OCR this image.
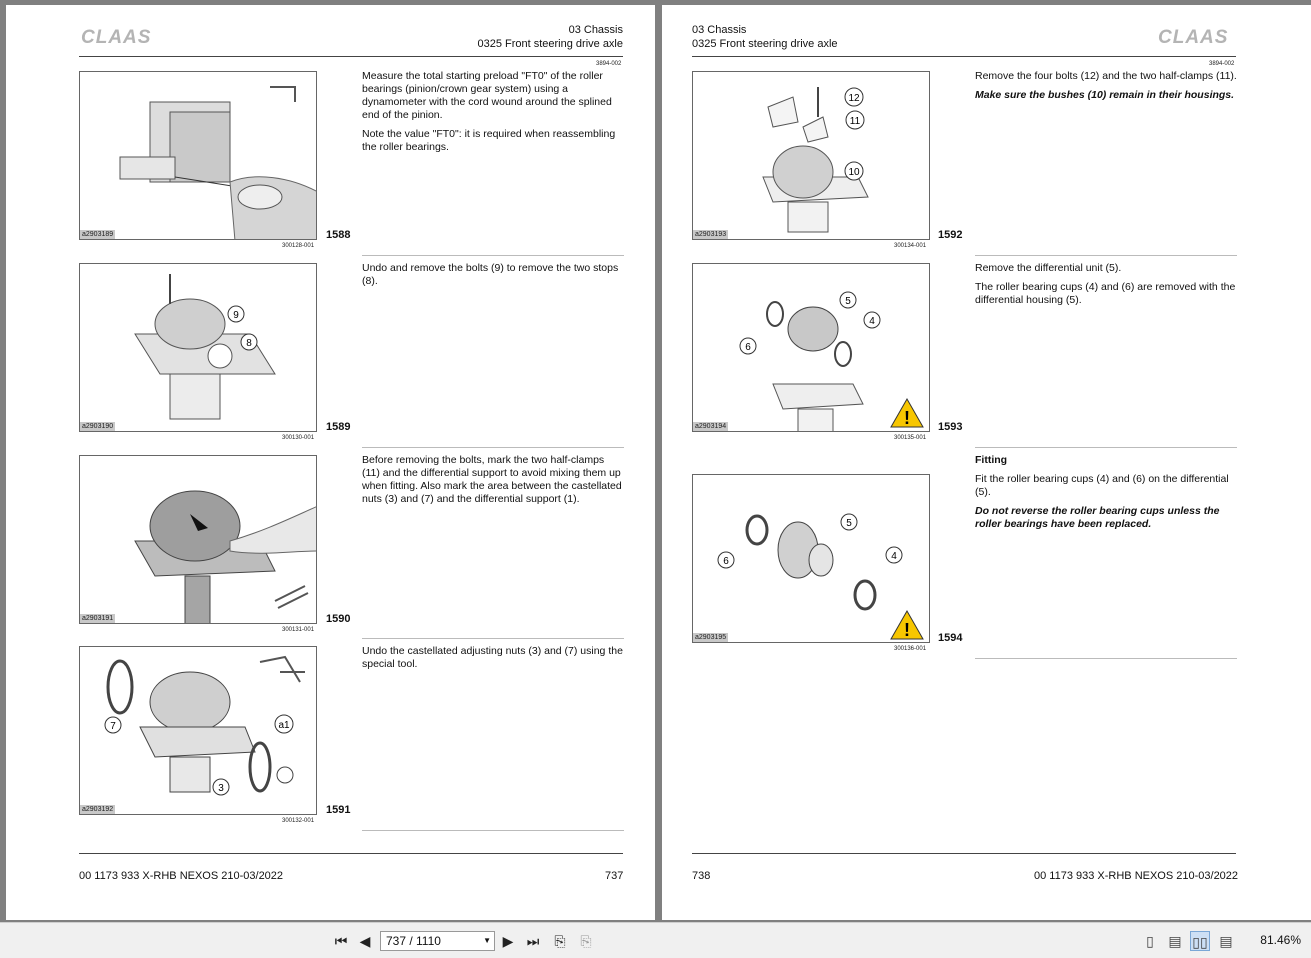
CLAAS	03 Chassis
0325 Front steering drive axle
3894-002
a2903189	1588
300128-001

Measure the total starting preload "FT0" of the roller bearings (pinion/crown gear system) using a dynamometer with the cord wound around the splined end of the pinion.

Note the value "FT0": it is required when reassembling the roller bearings.

a2903190
9
8
1589
300130-001

Undo and remove the bolts (9) to remove the two stops (8).

a2903191	1590
300131-001

Before removing the bolts, mark the two half-clamps (11) and the differential support to avoid mixing them up when fitting. Also mark the area between the castellated nuts (3) and (7) and the differential support (1).

a2903192
7	a1
3
1591
300132-001

Undo the castellated adjusting nuts (3) and (7) using the special tool.

00 1173 933 X-RHB NEXOS 210-03/2022	737
03 Chassis
0325 Front steering drive axle	CLAAS
3894-002
a2903193
12
11
10
1592
300134-001

Remove the four bolts (12) and the two half-clamps (11).

Make sure the bushes (10) remain in their housings.

!
a2903194
5
4
6
1593
300135-001

Remove the differential unit (5).

The roller bearing cups (4) and (6) are removed with the differential housing (5).

!
a2903195
5
4
6
1594
300136-001

Fitting

Fit the roller bearing cups (4) and (6) on the differential (5).

Do not reverse the roller bearing cups unless the roller bearings have been replaced.

738	00 1173 933 X-RHB NEXOS 210-03/2022
⏮ ◀	737 / 1110	▼ ▶ ⏭	⎘	⎘	▯	▤ ▯▯ ▤ 81.46%
